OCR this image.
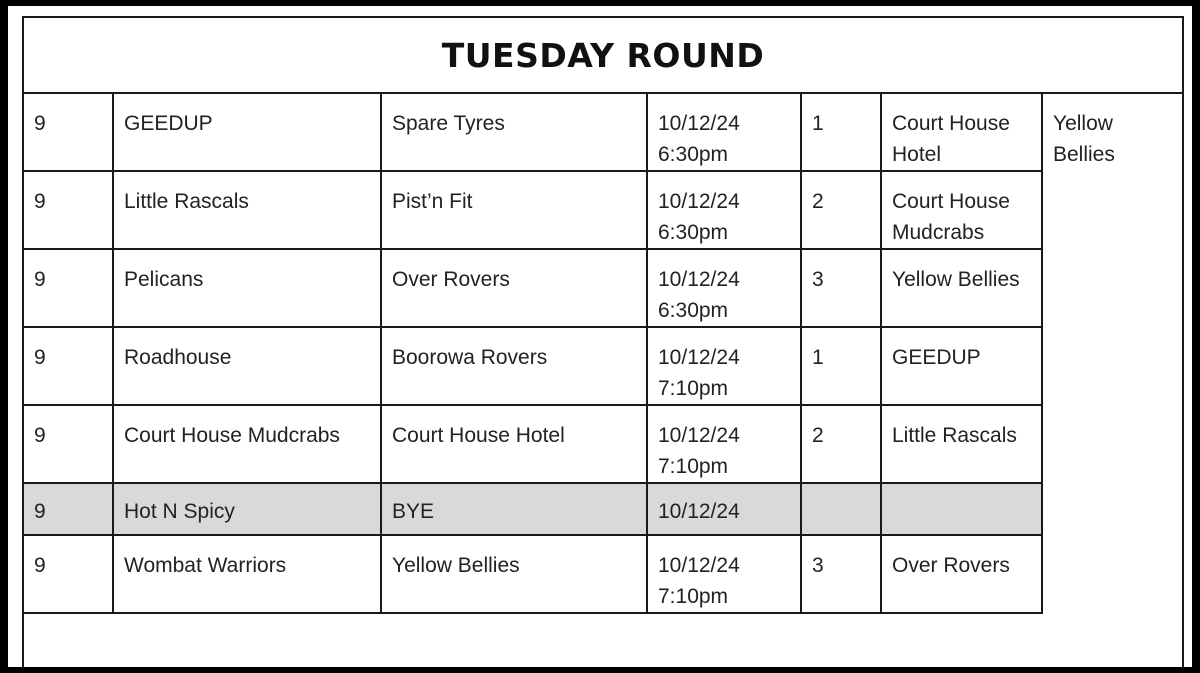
TUESDAY ROUND
9	GEEDUP	Spare Tyres	10/12/24
6:30pm	1	Court House Hotel	Yellow Bellies

9	Little Rascals	Pist’n Fit	10/12/24
6:30pm	2	Court House Mudcrabs	
9	Pelicans	Over Rovers	10/12/24
6:30pm	3	Yellow Bellies	
9	Roadhouse	Boorowa Rovers	10/12/24
7:10pm	1	GEEDUP	
9	Court House Mudcrabs	Court House Hotel	10/12/24
7:10pm	2	Little Rascals	
9	Hot N Spicy	BYE	10/12/24			

9	Wombat Warriors	Yellow Bellies	10/12/24
7:10pm	3	Over Rovers	
